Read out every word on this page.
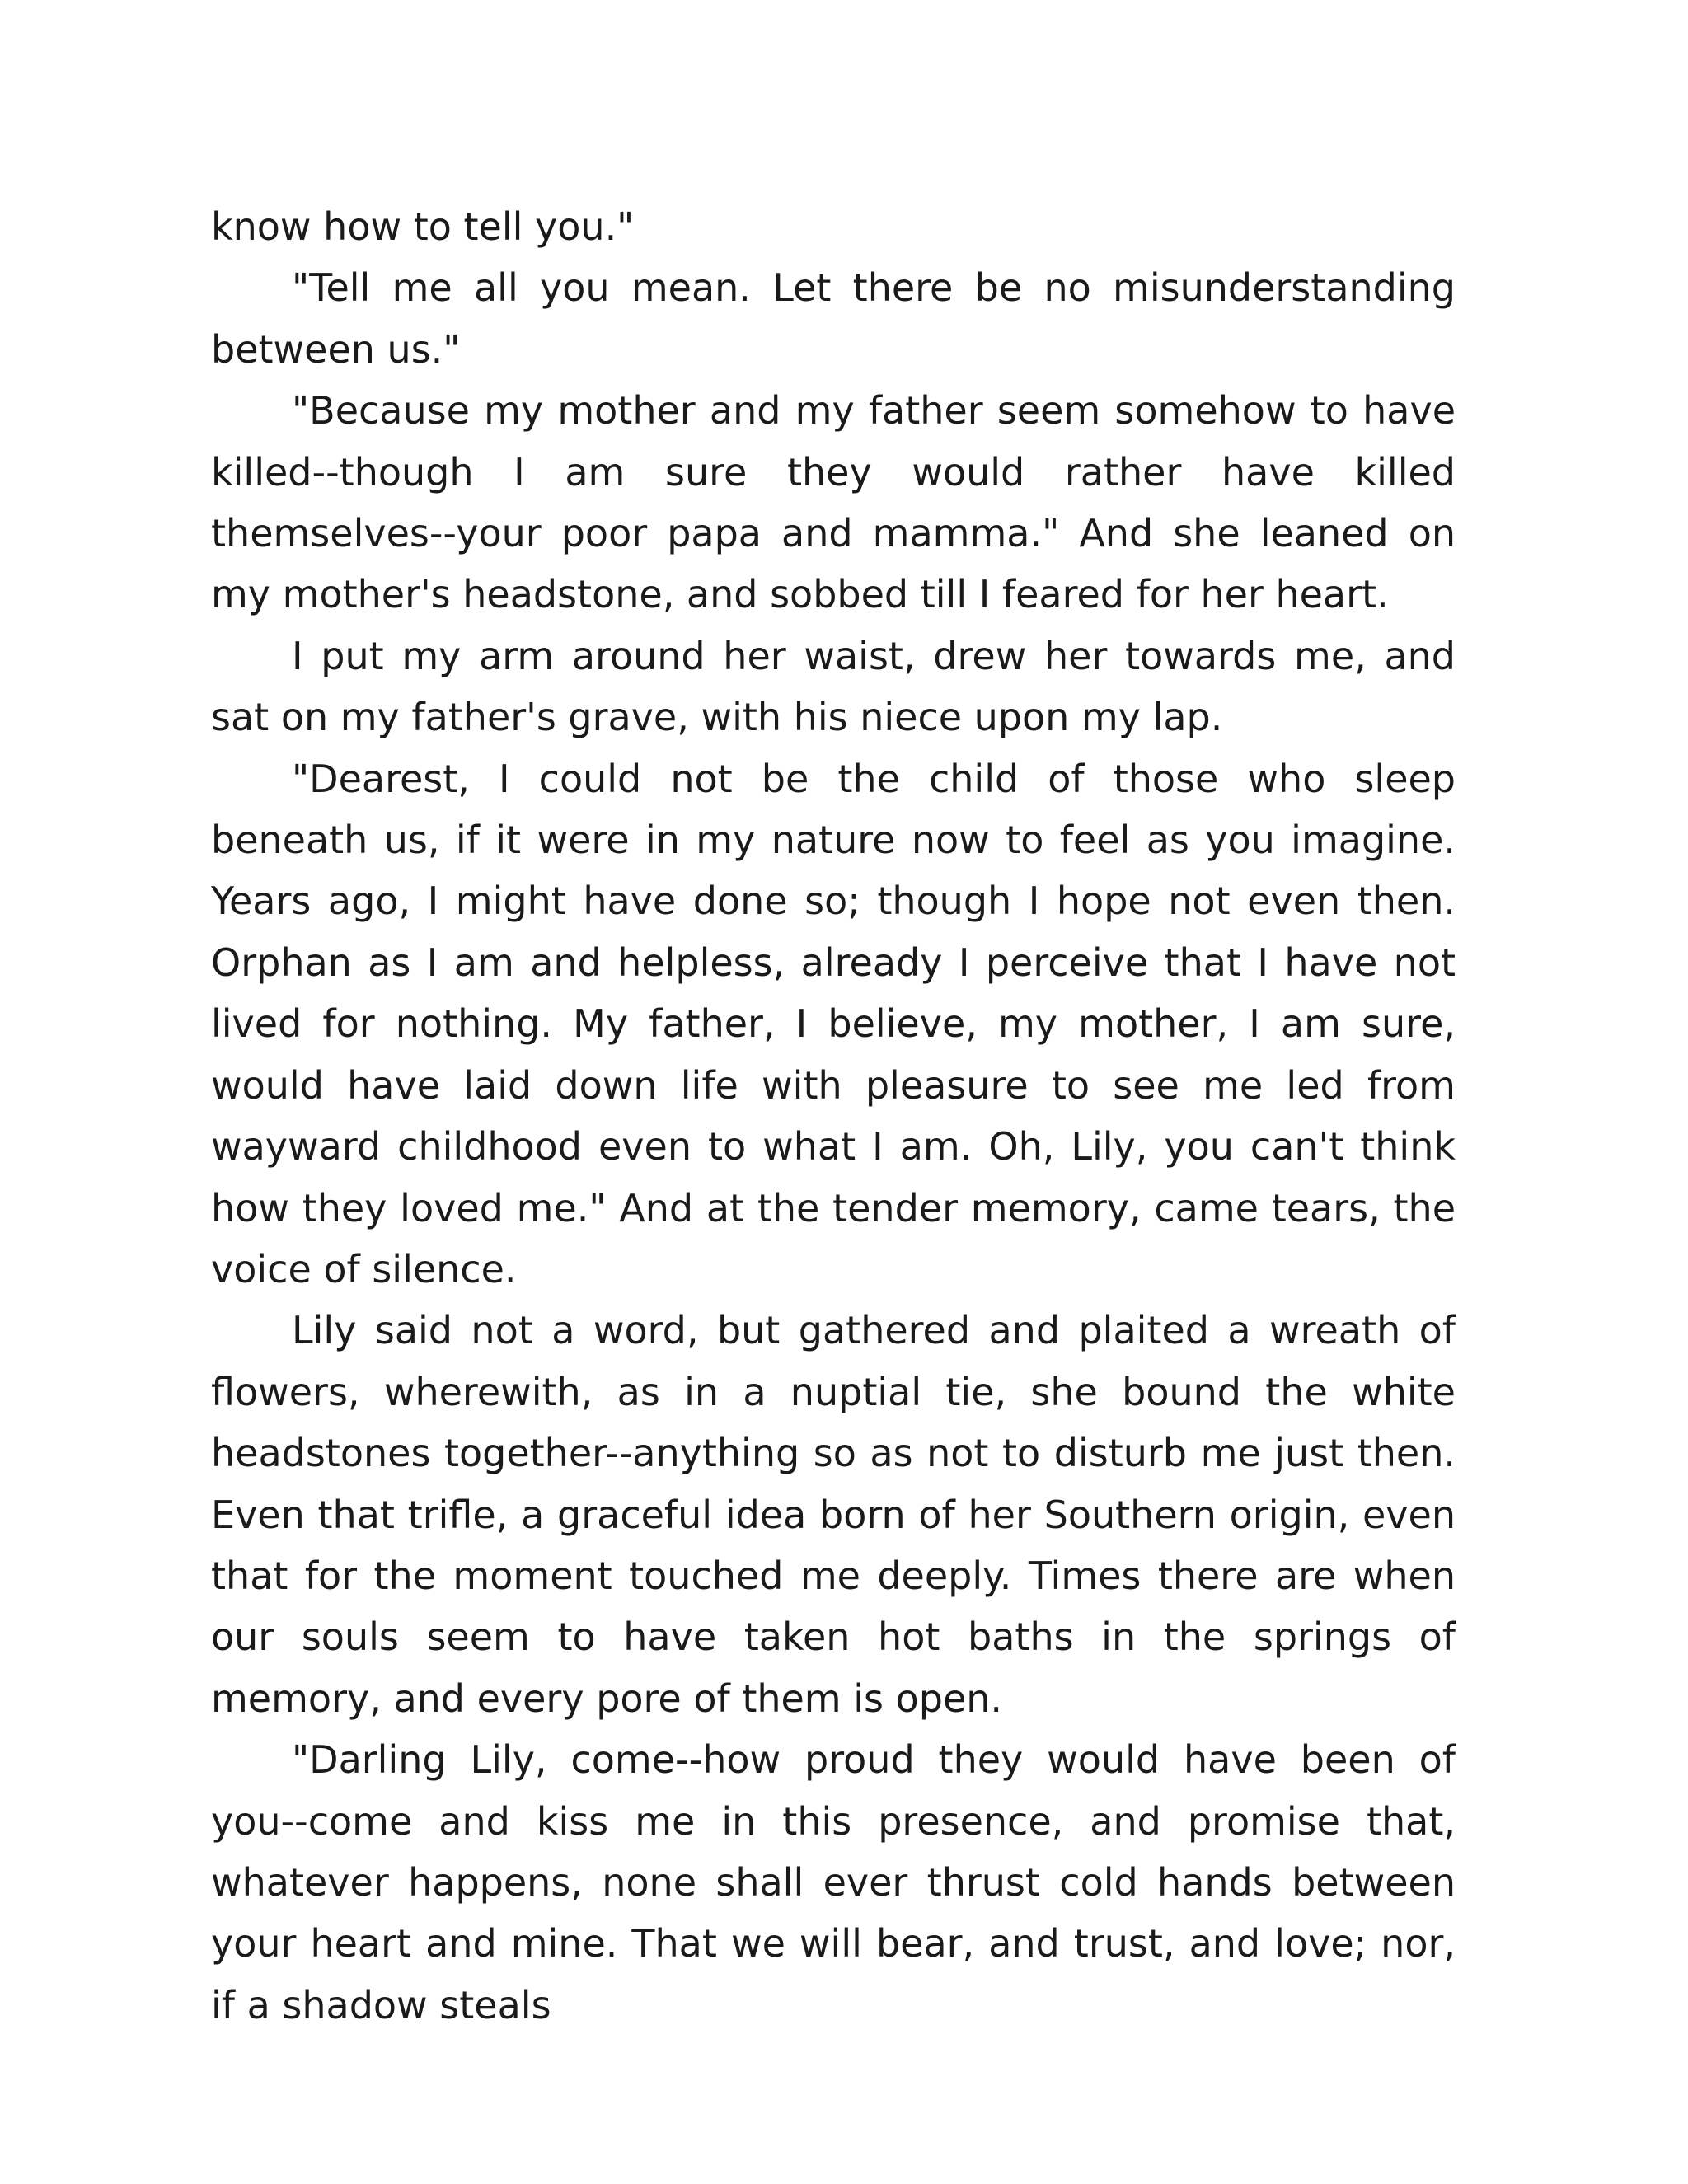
know how to tell you."

"Tell me all you mean. Let there be no misunderstanding between us."

"Because my mother and my father seem somehow to have killed--though I am sure they would rather have killed themselves--your poor papa and mamma." And she leaned on my mother's headstone, and sobbed till I feared for her heart.

I put my arm around her waist, drew her towards me, and sat on my father's grave, with his niece upon my lap.

"Dearest, I could not be the child of those who sleep beneath us, if it were in my nature now to feel as you imagine. Years ago, I might have done so; though I hope not even then. Orphan as I am and helpless, already I perceive that I have not lived for nothing. My father, I believe, my mother, I am sure, would have laid down life with pleasure to see me led from wayward childhood even to what I am. Oh, Lily, you can't think how they loved me." And at the tender memory, came tears, the voice of silence.

Lily said not a word, but gathered and plaited a wreath of flowers, wherewith, as in a nuptial tie, she bound the white headstones together--anything so as not to disturb me just then. Even that trifle, a graceful idea born of her Southern origin, even that for the moment touched me deeply. Times there are when our souls seem to have taken hot baths in the springs of memory, and every pore of them is open.

"Darling Lily, come--how proud they would have been of you--come and kiss me in this presence, and promise that, whatever happens, none shall ever thrust cold hands between your heart and mine. That we will bear, and trust, and love; nor, if a shadow steals
